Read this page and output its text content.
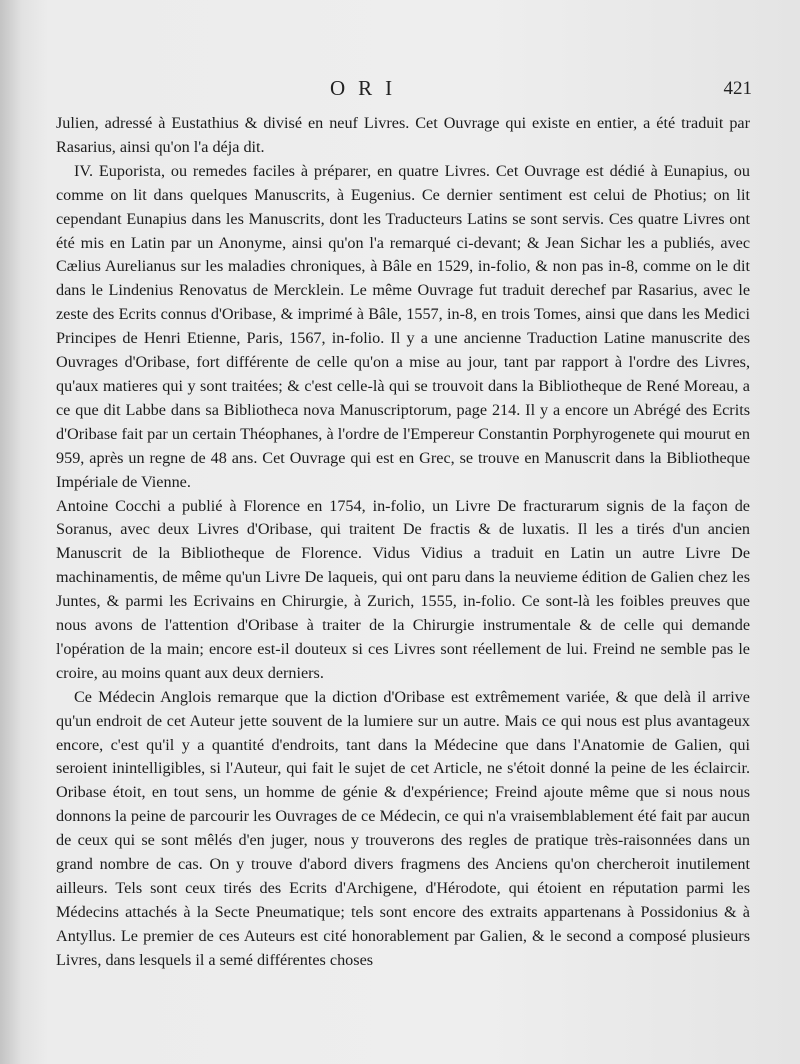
ORI	421

Julien, adressé à Eustathius & divisé en neuf Livres. Cet Ouvrage qui existe en entier, a été traduit par Rasarius, ainsi qu'on l'a déja dit.

IV. Euporista, ou remedes faciles à préparer, en quatre Livres. Cet Ouvrage est dédié à Eunapius, ou comme on lit dans quelques Manuscrits, à Eugenius. Ce dernier sentiment est celui de Photius; on lit cependant Eunapius dans les Manuscrits, dont les Traducteurs Latins se sont servis. Ces quatre Livres ont été mis en Latin par un Anonyme, ainsi qu'on l'a remarqué ci-devant; & Jean Sichar les a publiés, avec Cælius Aurelianus sur les maladies chroniques, à Bâle en 1529, in-folio, & non pas in-8, comme on le dit dans le Lindenius Renovatus de Mercklein. Le même Ouvrage fut traduit derechef par Rasarius, avec le zeste des Ecrits connus d'Oribase, & imprimé à Bâle, 1557, in-8, en trois Tomes, ainsi que dans les Medici Principes de Henri Etienne, Paris, 1567, in-folio. Il y a une ancienne Traduction Latine manuscrite des Ouvrages d'Oribase, fort différente de celle qu'on a mise au jour, tant par rapport à l'ordre des Livres, qu'aux matieres qui y sont traitées; & c'est celle-là qui se trouvoit dans la Bibliotheque de René Moreau, a ce que dit Labbe dans sa Bibliotheca nova Manuscriptorum, page 214. Il y a encore un Abrégé des Ecrits d'Oribase fait par un certain Théophanes, à l'ordre de l'Empereur Constantin Porphyrogenete qui mourut en 959, après un regne de 48 ans. Cet Ouvrage qui est en Grec, se trouve en Manuscrit dans la Bibliotheque Impériale de Vienne.

Antoine Cocchi a publié à Florence en 1754, in-folio, un Livre De fracturarum signis de la façon de Soranus, avec deux Livres d'Oribase, qui traitent De fractis & de luxatis. Il les a tirés d'un ancien Manuscrit de la Bibliotheque de Florence. Vidus Vidius a traduit en Latin un autre Livre De machinamentis, de même qu'un Livre De laqueis, qui ont paru dans la neuvieme édition de Galien chez les Juntes, & parmi les Ecrivains en Chirurgie, à Zurich, 1555, in-folio. Ce sont-là les foibles preuves que nous avons de l'attention d'Oribase à traiter de la Chirurgie instrumentale & de celle qui demande l'opération de la main; encore est-il douteux si ces Livres sont réellement de lui. Freind ne semble pas le croire, au moins quant aux deux derniers.

Ce Médecin Anglois remarque que la diction d'Oribase est extrêmement variée, & que delà il arrive qu'un endroit de cet Auteur jette souvent de la lumiere sur un autre. Mais ce qui nous est plus avantageux encore, c'est qu'il y a quantité d'endroits, tant dans la Médecine que dans l'Anatomie de Galien, qui seroient inintelligibles, si l'Auteur, qui fait le sujet de cet Article, ne s'étoit donné la peine de les éclaircir. Oribase étoit, en tout sens, un homme de génie & d'expérience; Freind ajoute même que si nous nous donnons la peine de parcourir les Ouvrages de ce Médecin, ce qui n'a vraisemblablement été fait par aucun de ceux qui se sont mêlés d'en juger, nous y trouverons des regles de pratique très-raisonnées dans un grand nombre de cas. On y trouve d'abord divers fragmens des Anciens qu'on chercheroit inutilement ailleurs. Tels sont ceux tirés des Ecrits d'Archigene, d'Hérodote, qui étoient en réputation parmi les Médecins attachés à la Secte Pneumatique; tels sont encore des extraits appartenans à Possidonius & à Antyllus. Le premier de ces Auteurs est cité honorablement par Galien, & le second a composé plusieurs Livres, dans lesquels il a semé différentes choses
